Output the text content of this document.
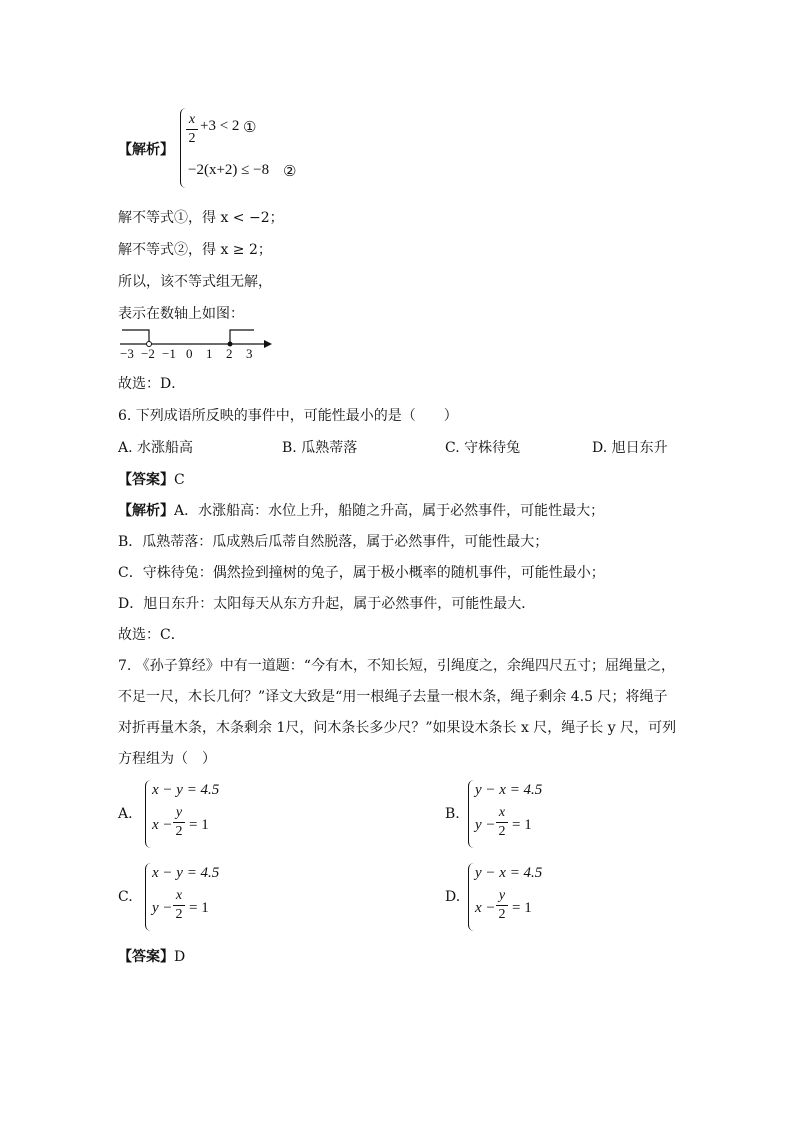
【解析】
x
2
+3 < 2 ①
−2(x+2) ≤ −8 ②
解不等式①，得 x < −2；
解不等式②，得 x ≥ 2；
所以，该不等式组无解，
表示在数轴上如图：
−3 −2 −1 0 1 2 3
故选：D．
6. 下列成语所反映的事件中，可能性最小的是（　　）
A. 水涨船高	B. 瓜熟蒂落	C. 守株待兔	D. 旭日东升
【答案】C
【解析】A．水涨船高：水位上升，船随之升高，属于必然事件，可能性最大；
B．瓜熟蒂落：瓜成熟后瓜蒂自然脱落，属于必然事件，可能性最大；
C．守株待兔：偶然捡到撞树的兔子，属于极小概率的随机事件，可能性最小；
D．旭日东升：太阳每天从东方升起，属于必然事件，可能性最大．
故选：C．
7. 《孙子算经》中有一道题：“今有木，不知长短，引绳度之，余绳四尺五寸；屈绳量之，
不足一尺，木长几何？”译文大致是“用一根绳子去量一根木条，绳子剩余 4.5 尺；将绳子
对折再量木条，木条剩余 1尺，问木条长多少尺？”如果设木条长 x 尺，绳子长 y 尺，可列
方程组为（　）
A.
x − y = 4.5
x −
y
2 = 1
B.
y − x = 4.5
y −
x
2 = 1
C.
x − y = 4.5
y −
x
2 = 1
D.
y − x = 4.5
x −
y
2 = 1
【答案】D
